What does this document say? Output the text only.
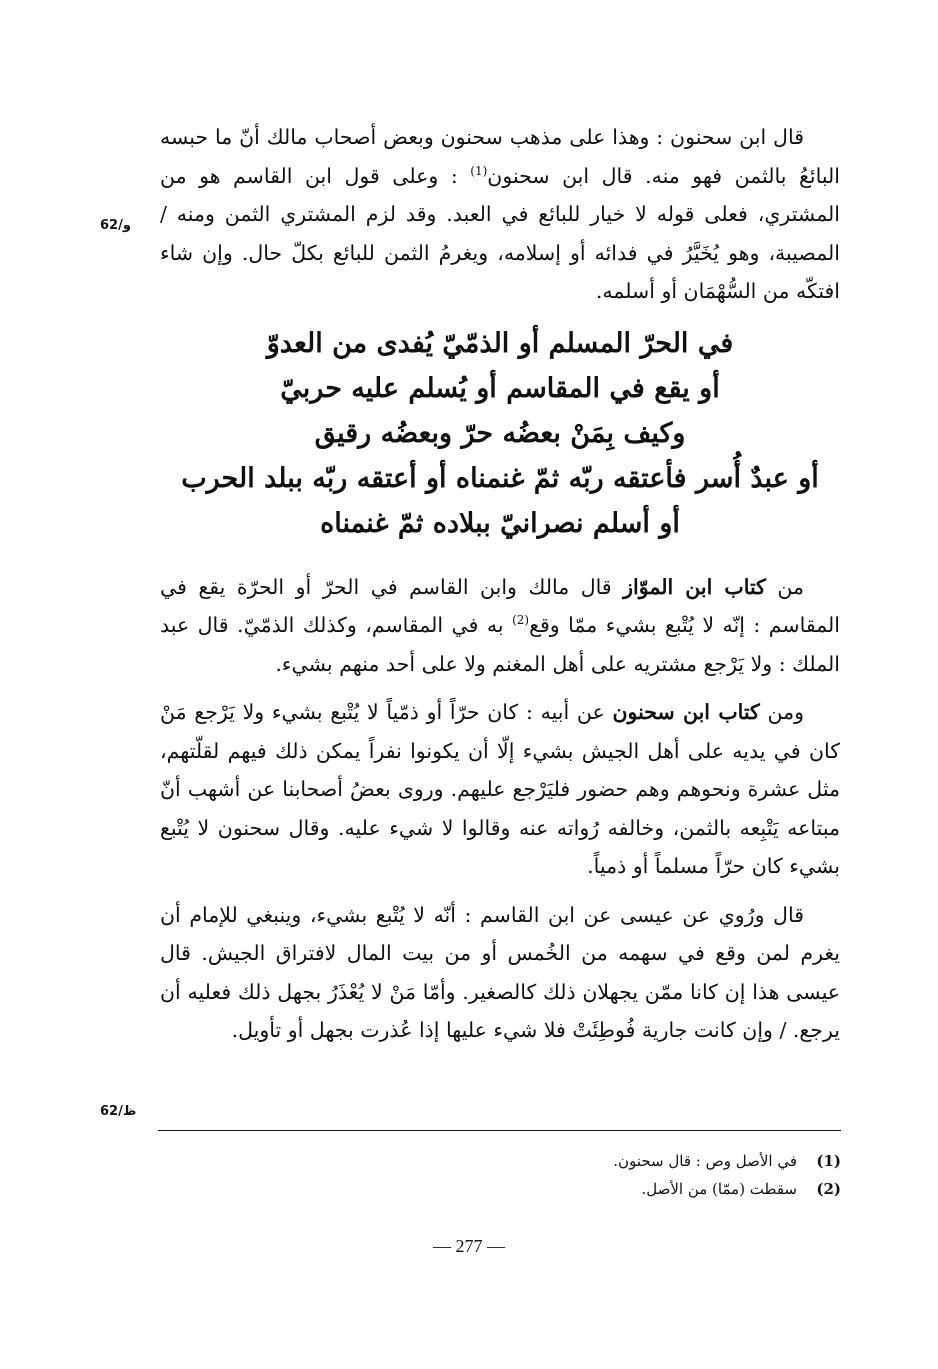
62/و
62/ظ

قال ابن سحنون : وهذا على مذهب سحنون وبعض أصحاب مالك أنّ ما حبسه البائعُ بالثمن فهو منه. قال ابن سحنون$^{(1)}$ : وعلى قول ابن القاسم هو من المشتري، فعلى قوله لا خيار للبائع في العبد. وقد لزم المشتري الثمن ومنه / المصيبة، وهو يُخَيَّرُ في فدائه أو إسلامه، ويغرمُ الثمن للبائع بكلّ حال. وإن شاء افتكّه من السُّهْمَان أو أسلمه.

في الحرّ المسلم أو الذمّيّ يُفدى من العدوّ
أو يقع في المقاسم أو يُسلم عليه حربيّ
وكيف بِمَنْ بعضُه حرّ وبعضُه رقيق
أو عبدٌ أُسر فأعتقه ربّه ثمّ غنمناه أو أعتقه ربّه ببلد الحرب
أو أسلم نصرانيّ ببلاده ثمّ غنمناه

من كتاب ابن الموّاز قال مالك وابن القاسم في الحرّ أو الحرّة يقع في المقاسم : إنّه لا يُتْبع بشيء ممّا وقع$^{(2)}$ به في المقاسم، وكذلك الذمّيّ. قال عبد الملك : ولا يَرْجع مشتريه على أهل المغنم ولا على أحد منهم بشيء.

ومن كتاب ابن سحنون عن أبيه : كان حرّاً أو ذمّياً لا يُتْبع بشيء ولا يَرْجع مَنْ كان في يديه على أهل الجيش بشيء إلّا أن يكونوا نفراً يمكن ذلك فيهم لقلّتهم، مثل عشرة ونحوهم وهم حضور فليَرْجع عليهم. وروى بعضُ أصحابنا عن أشهب أنّ مبتاعه يَتْبِعه بالثمن، وخالفه رُواته عنه وقالوا لا شيء عليه. وقال سحنون لا يُتْبع بشيء كان حرّاً مسلماً أو ذمياً.

قال ورُوي عن عيسى عن ابن القاسم : أنّه لا يُتْبع بشيء، وينبغي للإمام أن يغرم لمن وقع في سهمه من الخُمس أو من بيت المال لافتراق الجيش. قال عيسى هذا إن كانا ممّن يجهلان ذلك كالصغير. وأمّا مَنْ لا يُعْذَرُ بجهل ذلك فعليه أن يرجع. / وإن كانت جارية فُوطِئَتْ فلا شيء عليها إذا عُذرت بجهل أو تأويل.

(1)
في الأصل وص : قال سحنون.
(2)
سقطت (ممّا) من الأصل.
— 277 —
